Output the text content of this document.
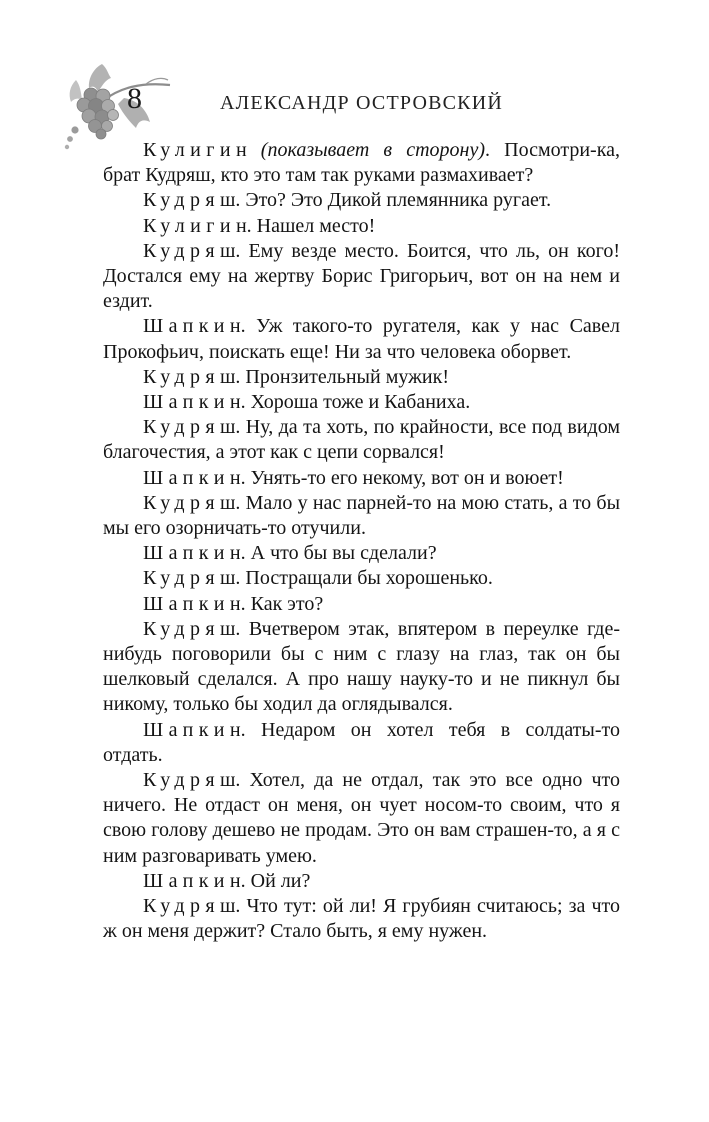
8	АЛЕКСАНДР ОСТРОВСКИЙ

Кулигин (показывает в сторону). Посмотри-ка, брат Кудряш, кто это там так руками размахивает?

Кудряш. Это? Это Дикой племянника ругает.

Кулигин. Нашел место!

Кудряш. Ему везде место. Боится, что ль, он кого! Достался ему на жертву Борис Григорьич, вот он на нем и ездит.

Шапкин. Уж такого-то ругателя, как у нас Савел Прокофьич, поискать еще! Ни за что человека оборвет.

Кудряш. Пронзительный мужик!

Шапкин. Хороша тоже и Кабаниха.

Кудряш. Ну, да та хоть, по крайности, все под видом благочестия, а этот как с цепи сорвался!

Шапкин. Унять-то его некому, вот он и воюет!

Кудряш. Мало у нас парней-то на мою стать, а то бы мы его озорничать-то отучили.

Шапкин. А что бы вы сделали?

Кудряш. Постращали бы хорошенько.

Шапкин. Как это?

Кудряш. Вчетвером этак, впятером в переулке где-нибудь поговорили бы с ним с глазу на глаз, так он бы шелковый сделался. А про нашу науку-то и не пикнул бы никому, только бы ходил да оглядывался.

Шапкин. Недаром он хотел тебя в солдаты-то отдать.

Кудряш. Хотел, да не отдал, так это все одно что ничего. Не отдаст он меня, он чует носом-то своим, что я свою голову дешево не продам. Это он вам страшен-то, а я с ним разговаривать умею.

Шапкин. Ой ли?

Кудряш. Что тут: ой ли! Я грубиян считаюсь; за что ж он меня держит? Стало быть, я ему нужен.
